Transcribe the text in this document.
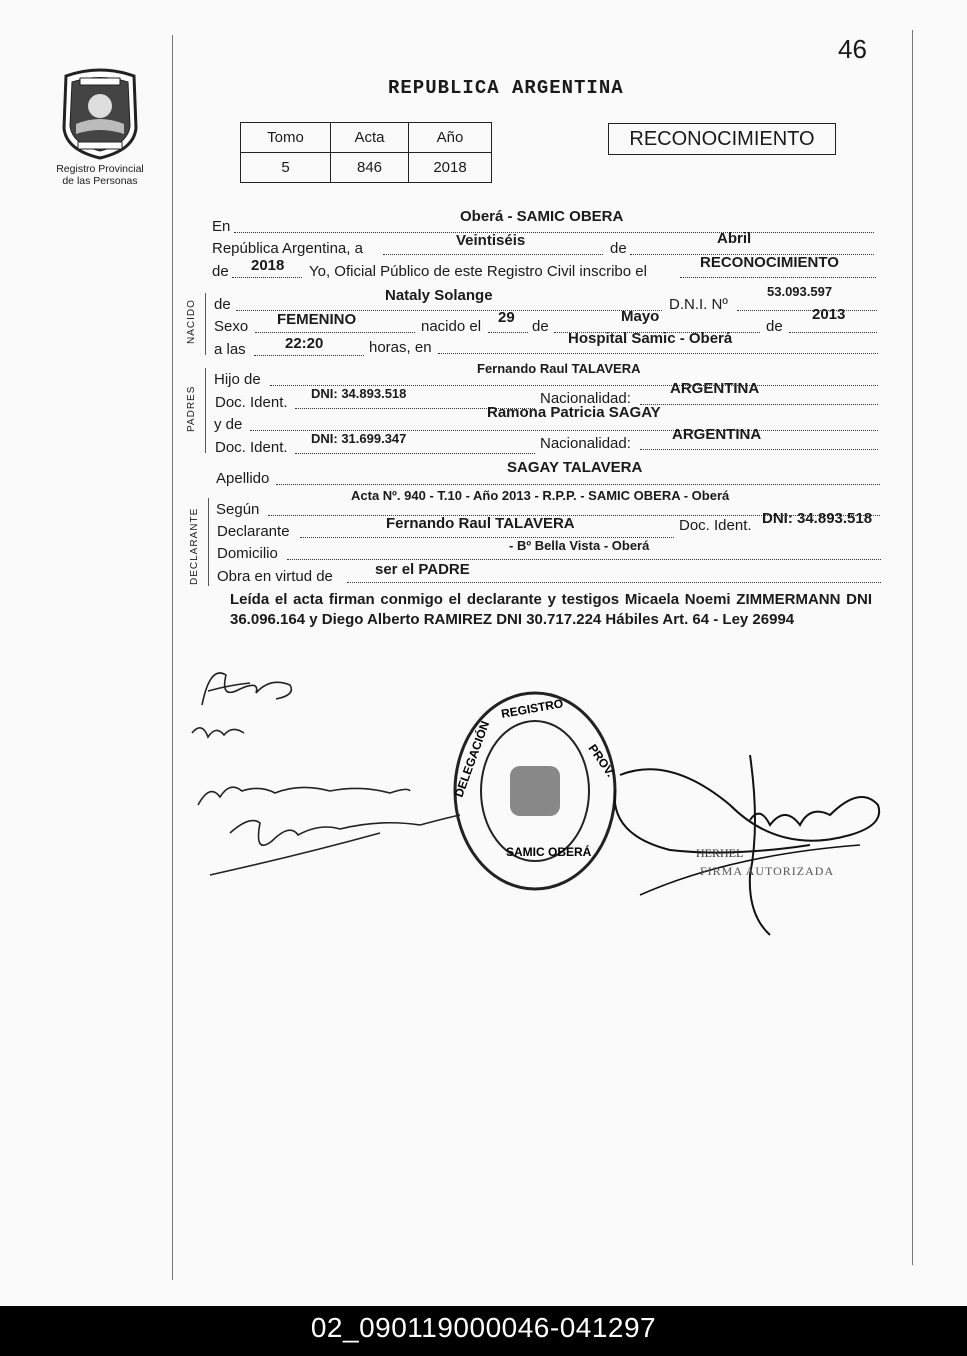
46
Registro Provincial
de las Personas
REPUBLICA ARGENTINA
Tomo	Acta	Año
5	846	2018
RECONOCIMIENTO
En
Oberá - SAMIC OBERA
República Argentina, a	Veintiséis	de
Abril
de 2018 Yo, Oficial Público de este Registro Civil inscribo el
RECONOCIMIENTO
NACIDO de
Nataly Solange
D.N.I. Nº
53.093.597
Sexo FEMENINO	nacido el
29
de
Mayo
de
2013
a las	22:20	horas, en
Hospital Samic - Oberá
PADRES
Hijo de
Fernando Raul TALAVERA
Doc. Ident.
DNI: 34.893.518	Nacionalidad:
ARGENTINA
y de
Ramona Patricia SAGAY
Doc. Ident.
DNI: 31.699.347	Nacionalidad:
ARGENTINA
Apellido
SAGAY TALAVERA
DECLARANTE Según
Acta Nº. 940 - T.10 - Año 2013 - R.P.P. - SAMIC OBERA - Oberá
Declarante	Fernando Raul TALAVERA	Doc. Ident. DNI: 34.893.518
Domicilio	- Bº Bella Vista - Oberá
Obra en virtud de	ser el PADRE
Leída el acta firman conmigo el declarante y testigos Micaela Noemi ZIMMERMANN DNI 36.096.164 y Diego Alberto RAMIREZ DNI 30.717.224 Hábiles Art. 64 - Ley 26994
DELEGACIÓN
REGISTRO
PROV.
SAMIC OBERÁ	HERHEL
FIRMA AUTORIZADA
02_090119000046-041297
